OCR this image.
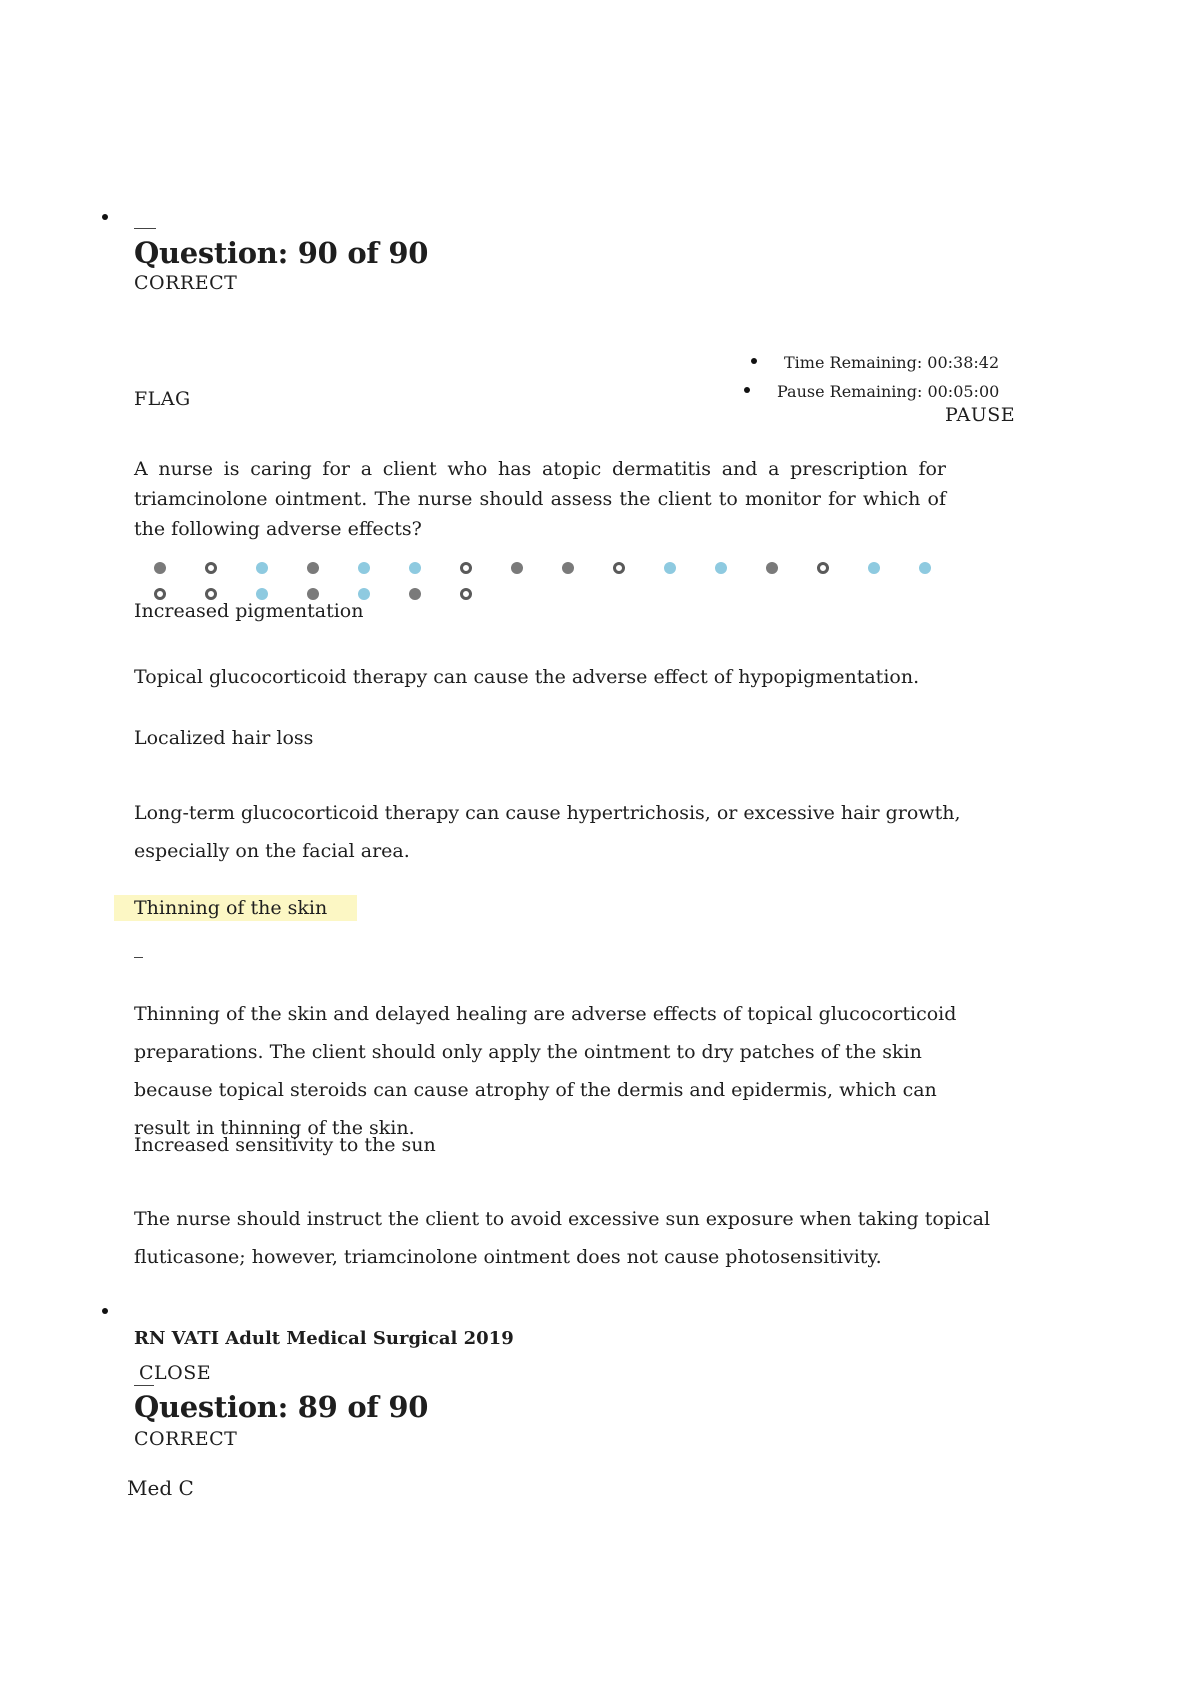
Question: 90 of 90
CORRECT
Time Remaining: 00:38:42
Pause Remaining: 00:05:00
FLAG
PAUSE
A nurse is caring for a client who has atopic dermatitis and a prescription for triamcinolone ointment. The nurse should assess the client to monitor for which of the following adverse effects?
Increased pigmentation
Topical glucocorticoid therapy can cause the adverse effect of hypopigmentation.
Localized hair loss
Long-term glucocorticoid therapy can cause hypertrichosis, or excessive hair growth, especially on the facial area.
Thinning of the skin
Thinning of the skin and delayed healing are adverse effects of topical glucocorticoid preparations. The client should only apply the ointment to dry patches of the skin because topical steroids can cause atrophy of the dermis and epidermis, which can result in thinning of the skin.
Increased sensitivity to the sun
The nurse should instruct the client to avoid excessive sun exposure when taking topical fluticasone; however, triamcinolone ointment does not cause photosensitivity.
RN VATI Adult Medical Surgical 2019
CLOSE
Question: 89 of 90
CORRECT
Med C
